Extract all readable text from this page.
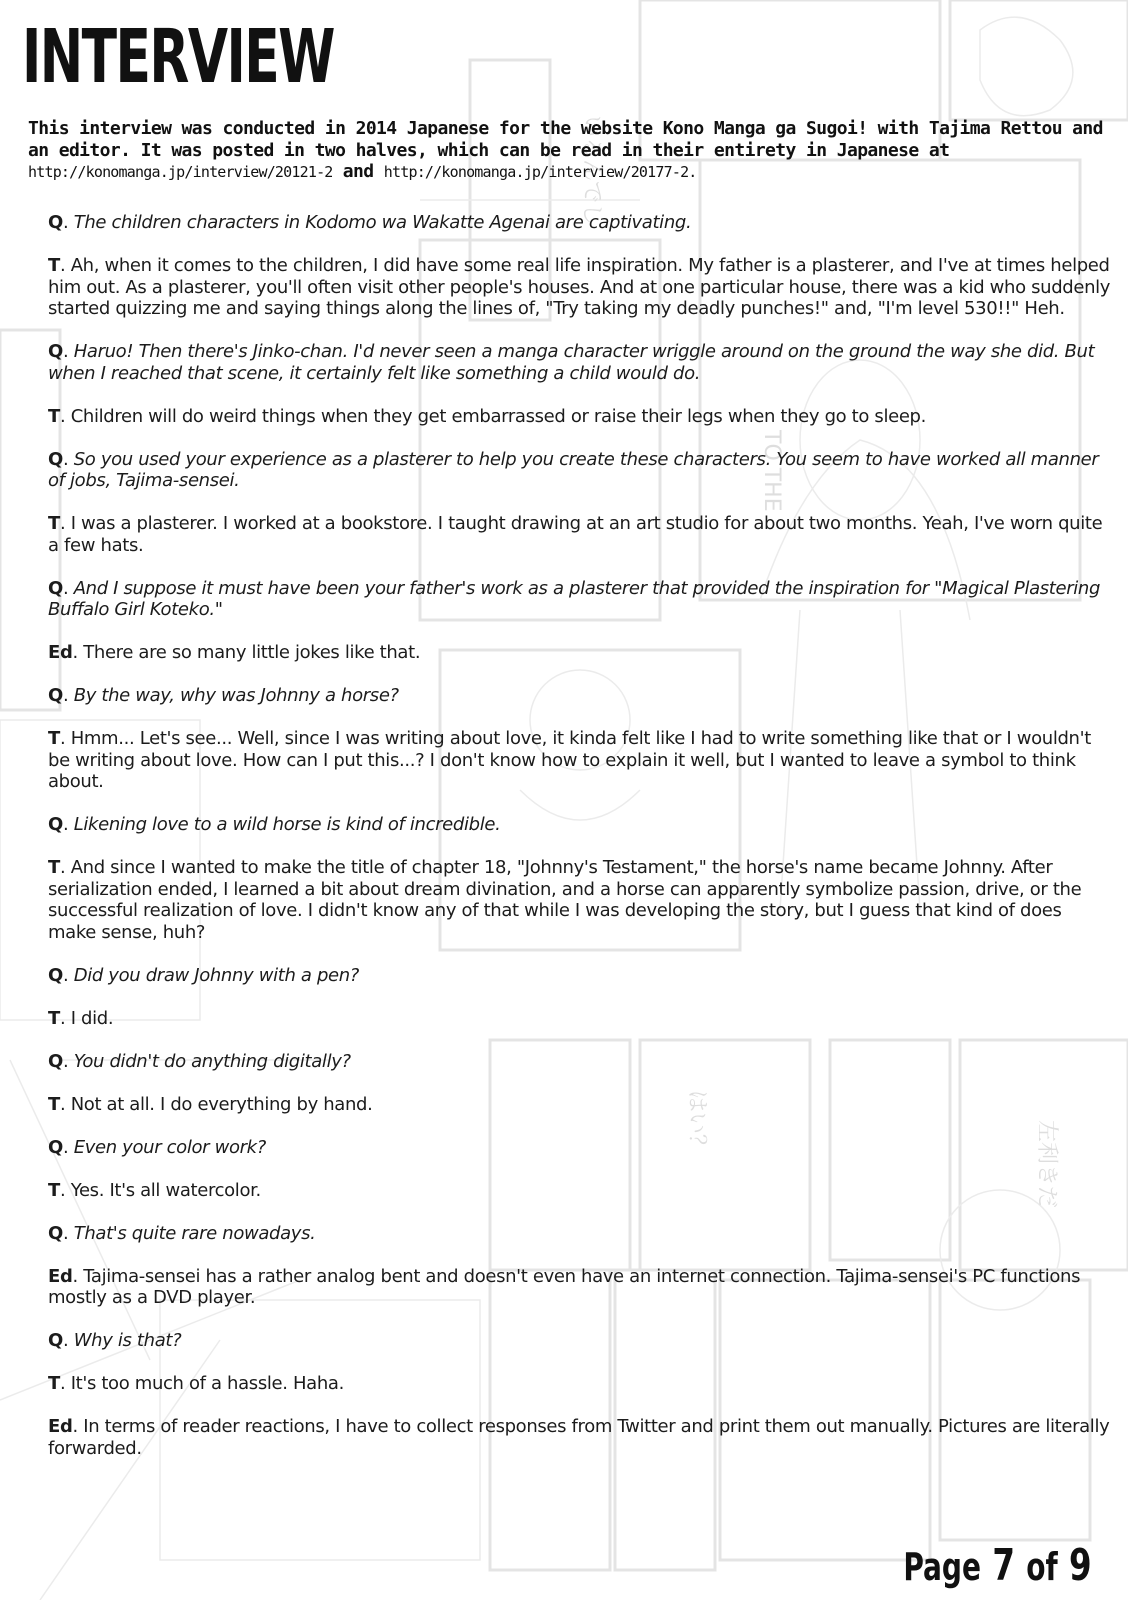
いるんでし
TO THE
左利きだ
はい？
INTERVIEW
This interview was conducted in 2014 Japanese for the website Kono Manga ga Sugoi! with Tajima Rettou and an editor. It was posted in two halves, which can be read in their entirety in Japanese at http://konomanga.jp/interview/20121-2 and http://konomanga.jp/interview/20177-2.

Q. The children characters in Kodomo wa Wakatte Agenai are captivating.

T. Ah, when it comes to the children, I did have some real life inspiration. My father is a plasterer, and I've at times helped him out. As a plasterer, you'll often visit other people's houses. And at one particular house, there was a kid who suddenly started quizzing me and saying things along the lines of, "Try taking my deadly punches!" and, "I'm level 530!!" Heh.

Q. Haruo! Then there's Jinko-chan. I'd never seen a manga character wriggle around on the ground the way she did. But when I reached that scene, it certainly felt like something a child would do.

T. Children will do weird things when they get embarrassed or raise their legs when they go to sleep.

Q. So you used your experience as a plasterer to help you create these characters. You seem to have worked all manner of jobs, Tajima-sensei.

T. I was a plasterer. I worked at a bookstore. I taught drawing at an art studio for about two months. Yeah, I've worn quite a few hats.

Q. And I suppose it must have been your father's work as a plasterer that provided the inspiration for "Magical Plastering Buffalo Girl Koteko."

Ed. There are so many little jokes like that.

Q. By the way, why was Johnny a horse?

T. Hmm... Let's see... Well, since I was writing about love, it kinda felt like I had to write something like that or I wouldn't be writing about love. How can I put this...? I don't know how to explain it well, but I wanted to leave a symbol to think about.

Q. Likening love to a wild horse is kind of incredible.

T. And since I wanted to make the title of chapter 18, "Johnny's Testament," the horse's name became Johnny. After serialization ended, I learned a bit about dream divination, and a horse can apparently symbolize passion, drive, or the successful realization of love. I didn't know any of that while I was developing the story, but I guess that kind of does make sense, huh?

Q. Did you draw Johnny with a pen?

T. I did.

Q. You didn't do anything digitally?

T. Not at all. I do everything by hand.

Q. Even your color work?

T. Yes. It's all watercolor.

Q. That's quite rare nowadays.

Ed. Tajima-sensei has a rather analog bent and doesn't even have an internet connection. Tajima-sensei's PC functions mostly as a DVD player.

Q. Why is that?

T. It's too much of a hassle. Haha.

Ed. In terms of reader reactions, I have to collect responses from Twitter and print them out manually. Pictures are literally forwarded.

Page 7 of 9
